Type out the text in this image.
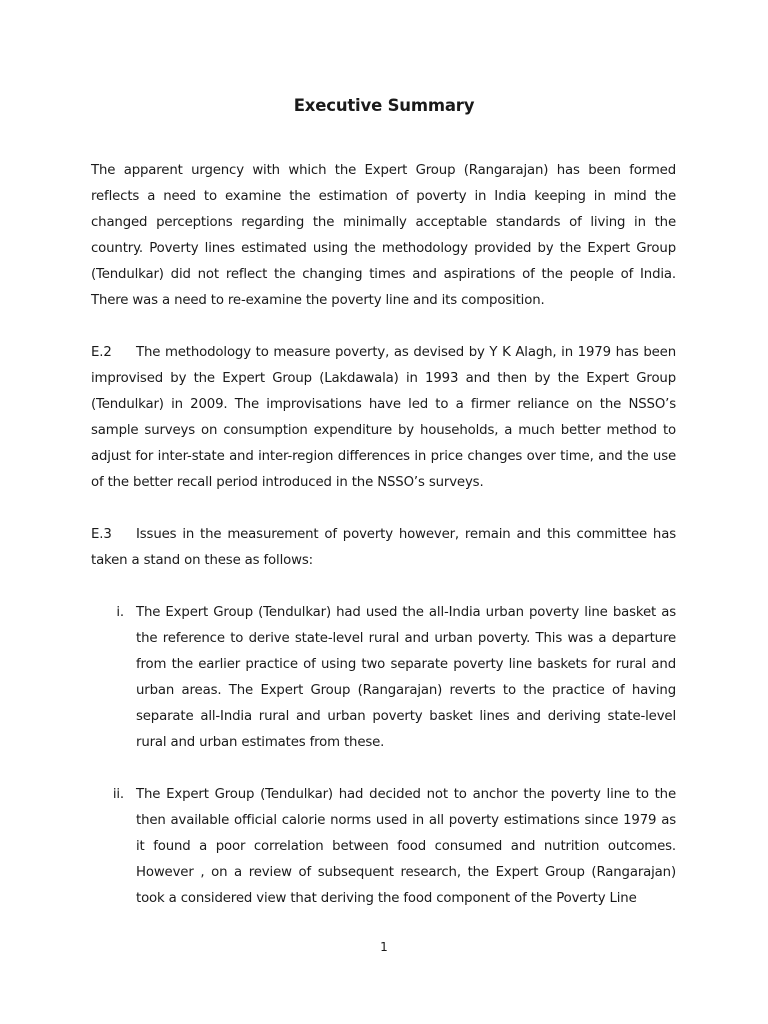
Executive Summary

The apparent urgency with which the Expert Group (Rangarajan) has been formed reflects a need to examine the estimation of poverty in India keeping in mind the changed perceptions regarding the minimally acceptable standards of living in the country. Poverty lines estimated using the methodology provided by the Expert Group (Tendulkar) did not reflect the changing times and aspirations of the people of India. There was a need to re-examine the poverty line and its composition.

E.2 The methodology to measure poverty, as devised by Y K Alagh, in 1979 has been improvised by the Expert Group (Lakdawala) in 1993 and then by the Expert Group (Tendulkar) in 2009. The improvisations have led to a firmer reliance on the NSSO’s sample surveys on consumption expenditure by households, a much better method to adjust for inter-state and inter-region differences in price changes over time, and the use of the better recall period introduced in the NSSO’s surveys.

E.3 Issues in the measurement of poverty however, remain and this committee has taken a stand on these as follows:

i. The Expert Group (Tendulkar) had used the all-India urban poverty line basket as the reference to derive state-level rural and urban poverty. This was a departure from the earlier practice of using two separate poverty line baskets for rural and urban areas. The Expert Group (Rangarajan) reverts to the practice of having separate all-India rural and urban poverty basket lines and deriving state-level rural and urban estimates from these.
ii. The Expert Group (Tendulkar) had decided not to anchor the poverty line to the then available official calorie norms used in all poverty estimations since 1979 as it found a poor correlation between food consumed and nutrition outcomes. However , on a review of subsequent research, the Expert Group (Rangarajan) took a considered view that deriving the food component of the Poverty Line
1
